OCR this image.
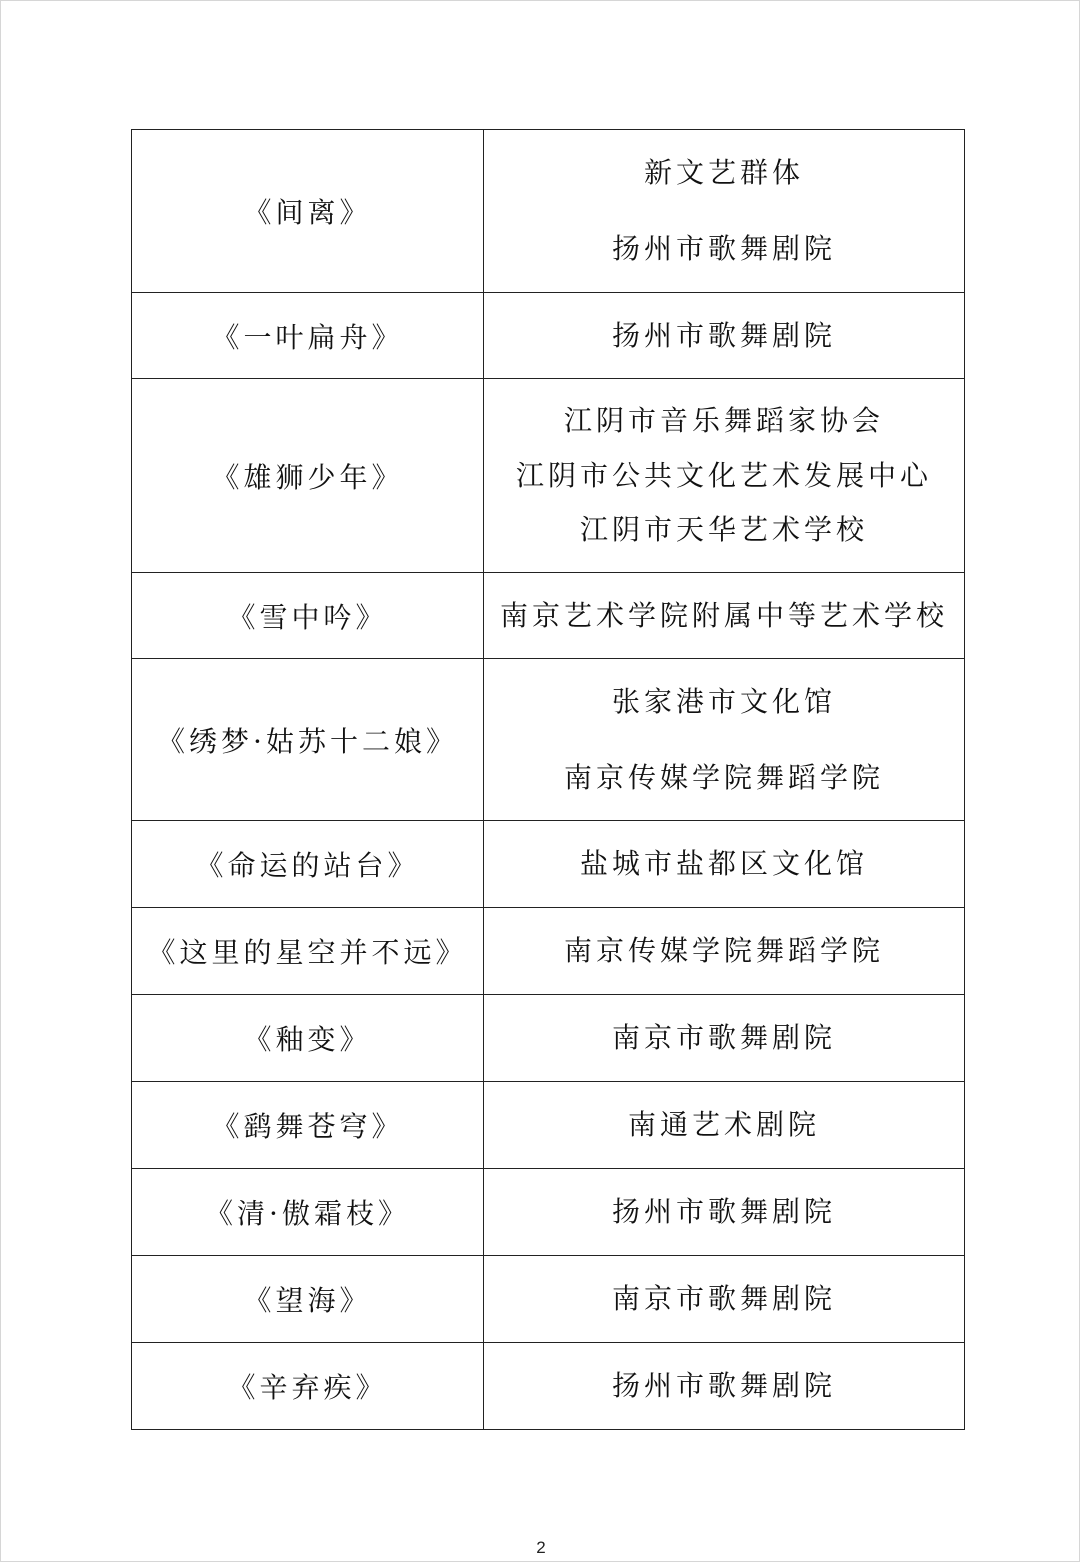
《间离》	新文艺群体
扬州市歌舞剧院

《一叶扁舟》	扬州市歌舞剧院

《雄狮少年》	江阴市音乐舞蹈家协会
江阴市公共文化艺术发展中心
江阴市天华艺术学校

《雪中吟》	南京艺术学院附属中等艺术学校

《绣梦·姑苏十二娘》	张家港市文化馆
南京传媒学院舞蹈学院

《命运的站台》	盐城市盐都区文化馆

《这里的星空并不远》	南京传媒学院舞蹈学院

《釉变》	南京市歌舞剧院

《鹞舞苍穹》	南通艺术剧院

《清·傲霜枝》	扬州市歌舞剧院

《望海》	南京市歌舞剧院

《辛弃疾》	扬州市歌舞剧院
2
